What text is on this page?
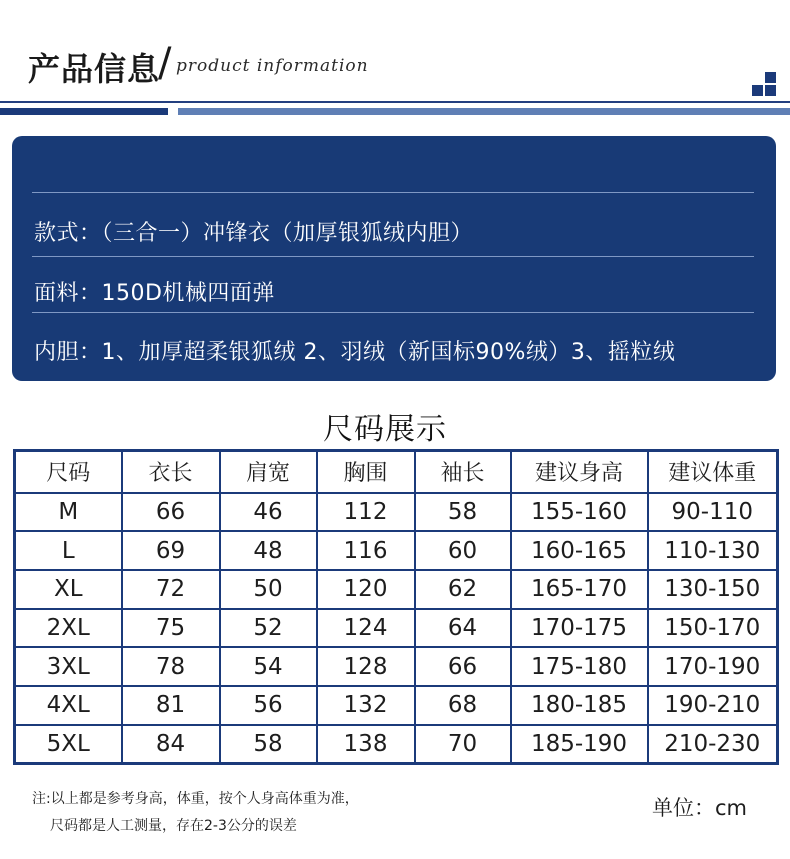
产品信息
/ product information
款式：（三合一）冲锋衣（加厚银狐绒内胆）
面料：150D机械四面弹
内胆：1、加厚超柔银狐绒 2、羽绒（新国标90%绒）3、摇粒绒
尺码展示
尺码	衣长	肩宽	胸围	袖长	建议身高	建议体重
M	66	46	112	58	155-160	90-110
L	69	48	116	60	160-165	110-130
XL	72	50	120	62	165-170	130-150
2XL	75	52	124	64	170-175	150-170
3XL	78	54	128	66	175-180	170-190
4XL	81	56	132	68	180-185	190-210
5XL	84	58	138	70	185-190	210-230
注:以上都是参考身高，体重，按个人身高体重为准，
尺码都是人工测量，存在2-3公分的误差
单位：cm
